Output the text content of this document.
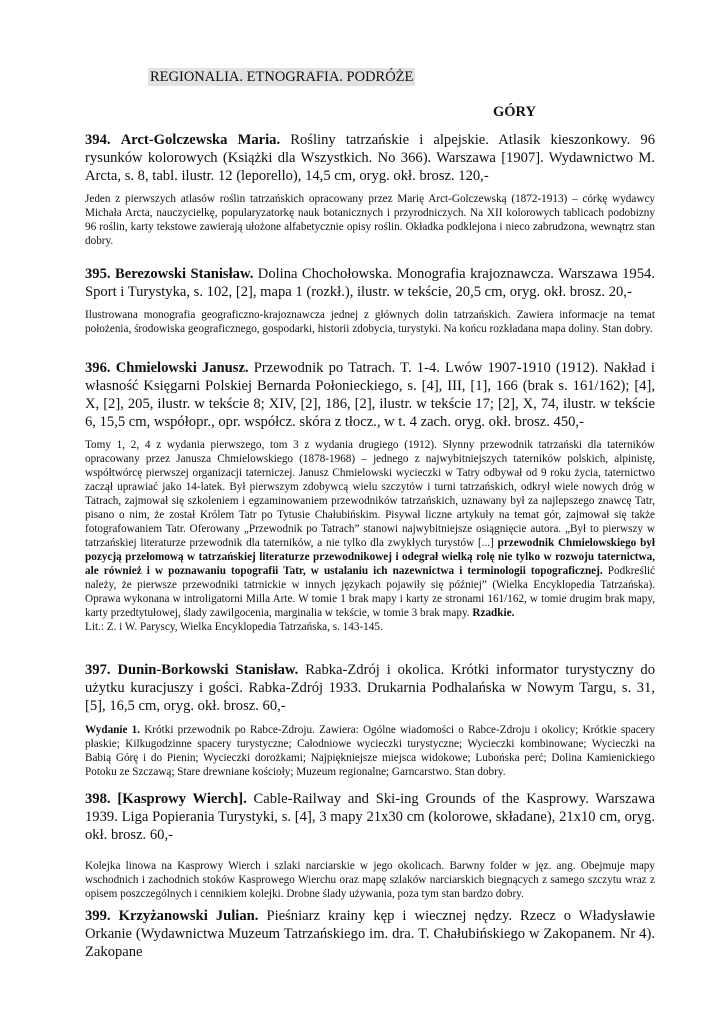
REGIONALIA. ETNOGRAFIA. PODRÓŻE
GÓRY

394. Arct-Golczewska Maria. Rośliny tatrzańskie i alpejskie. Atlasik kieszonkowy. 96 rysunków kolorowych (Książki dla Wszystkich. No 366). Warszawa [1907]. Wydawnictwo M. Arcta, s. 8, tabl. ilustr. 12 (leporello), 14,5 cm, oryg. okł. brosz. 120,-

Jeden z pierwszych atlasów roślin tatrzańskich opracowany przez Marię Arct-Golczewską (1872-1913) – córkę wydawcy Michała Arcta, nauczycielkę, popularyzatorkę nauk botanicznych i przyrodniczych. Na XII kolorowych tablicach podobizny 96 roślin, karty tekstowe zawierają ułożone alfabetycznie opisy roślin. Okładka podklejona i nieco zabrudzona, wewnątrz stan dobry.

395. Berezowski Stanisław. Dolina Chochołowska. Monografia krajoznawcza. Warszawa 1954. Sport i Turystyka, s. 102, [2], mapa 1 (rozkł.), ilustr. w tekście, 20,5 cm, oryg. okł. brosz. 20,-

Ilustrowana monografia geograficzno-krajoznawcza jednej z głównych dolin tatrzańskich. Zawiera informacje na temat położenia, środowiska geograficznego, gospodarki, historii zdobycia, turystyki. Na końcu rozkładana mapa doliny. Stan dobry.

396. Chmielowski Janusz. Przewodnik po Tatrach. T. 1-4. Lwów 1907-1910 (1912). Nakład i własność Księgarni Polskiej Bernarda Połonieckiego, s. [4], III, [1], 166 (brak s. 161/162); [4], X, [2], 205, ilustr. w tekście 8; XIV, [2], 186, [2], ilustr. w tekście 17; [2], X, 74, ilustr. w tekście 6, 15,5 cm, współopr., opr. współcz. skóra z tłocz., w t. 4 zach. oryg. okł. brosz. 450,-

Tomy 1, 2, 4 z wydania pierwszego, tom 3 z wydania drugiego (1912). Słynny przewodnik tatrzański dla taterników opracowany przez Janusza Chmielowskiego (1878-1968) – jednego z najwybitniejszych taterników polskich, alpinistę, współtwórcę pierwszej organizacji taterniczej. Janusz Chmielowski wycieczki w Tatry odbywał od 9 roku życia, taternictwo zaczął uprawiać jako 14-latek. Był pierwszym zdobywcą wielu szczytów i turni tatrzańskich, odkrył wiele nowych dróg w Tatrach, zajmował się szkoleniem i egzaminowaniem przewodników tatrzańskich, uznawany był za najlepszego znawcę Tatr, pisano o nim, że został Królem Tatr po Tytusie Chałubińskim. Pisywał liczne artykuły na temat gór, zajmował się także fotografowaniem Tatr. Oferowany „Przewodnik po Tatrach” stanowi najwybitniejsze osiągnięcie autora. „Był to pierwszy w tatrzańskiej literaturze przewodnik dla taterników, a nie tylko dla zwykłych turystów [...] przewodnik Chmielowskiego był pozycją przełomową w tatrzańskiej literaturze przewodnikowej i odegrał wielką rolę nie tylko w rozwoju taternictwa, ale również i w poznawaniu topografii Tatr, w ustalaniu ich nazewnictwa i terminologii topograficznej. Podkreślić należy, że pierwsze przewodniki tatrnickie w innych językach pojawiły się później” (Wielka Encyklopedia Tatrzańska). Oprawa wykonana w introligatorni Milla Arte. W tomie 1 brak mapy i karty ze stronami 161/162, w tomie drugim brak mapy, karty przedtytułowej, ślady zawilgocenia, marginalia w tekście, w tomie 3 brak mapy. Rzadkie.

Lit.: Z. i W. Paryscy, Wielka Encyklopedia Tatrzańska, s. 143-145.

397. Dunin-Borkowski Stanisław. Rabka-Zdrój i okolica. Krótki informator turystyczny do użytku kuracjuszy i gości. Rabka-Zdrój 1933. Drukarnia Podhalańska w Nowym Targu, s. 31, [5], 16,5 cm, oryg. okł. brosz. 60,-

Wydanie 1. Krótki przewodnik po Rabce-Zdroju. Zawiera: Ogólne wiadomości o Rabce-Zdroju i okolicy; Krótkie spacery płaskie; Kilkugodzinne spacery turystyczne; Całodniowe wycieczki turystyczne; Wycieczki kombinowane; Wycieczki na Babią Górę i do Pienin; Wycieczki dorożkami; Najpiękniejsze miejsca widokowe; Lubońska perć; Dolina Kamienickiego Potoku ze Szczawą; Stare drewniane kościoły; Muzeum regionalne; Garncarstwo. Stan dobry.

398. [Kasprowy Wierch]. Cable-Railway and Ski-ing Grounds of the Kasprowy. Warszawa 1939. Liga Popierania Turystyki, s. [4], 3 mapy 21x30 cm (kolorowe, składane), 21x10 cm, oryg. okł. brosz. 60,-

Kolejka linowa na Kasprowy Wierch i szlaki narciarskie w jego okolicach. Barwny folder w jęz. ang. Obejmuje mapy wschodnich i zachodnich stoków Kasprowego Wierchu oraz mapę szlaków narciarskich biegnących z samego szczytu wraz z opisem poszczególnych i cennikiem kolejki. Drobne ślady używania, poza tym stan bardzo dobry.

399. Krzyżanowski Julian. Pieśniarz krainy kęp i wiecznej nędzy. Rzecz o Władysławie Orkanie (Wydawnictwa Muzeum Tatrzańskiego im. dra. T. Chałubińskiego w Zakopanem. Nr 4). Zakopane
